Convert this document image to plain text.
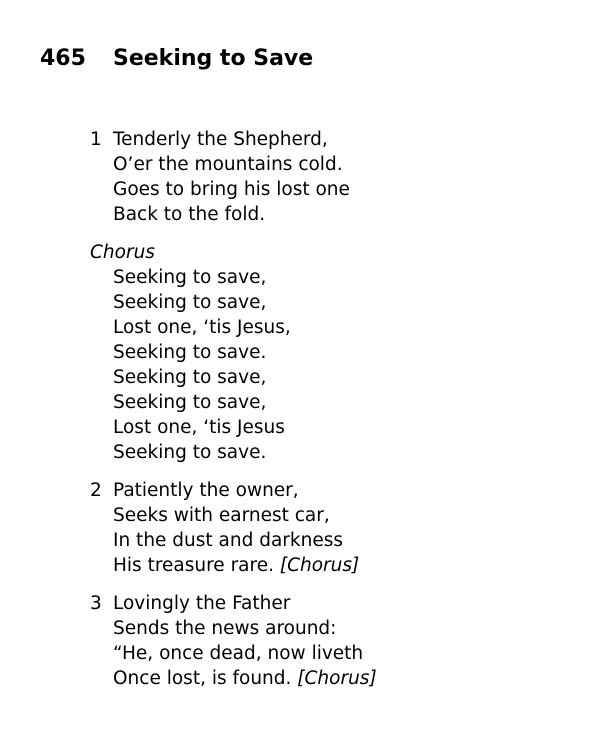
465 Seeking to Save
1 Tenderly the Shepherd,
O’er the mountains cold.
Goes to bring his lost one
Back to the fold.
Chorus
Seeking to save,
Seeking to save,
Lost one, ‘tis Jesus,
Seeking to save.
Seeking to save,
Seeking to save,
Lost one, ‘tis Jesus
Seeking to save.
2 Patiently the owner,
Seeks with earnest car,
In the dust and darkness
His treasure rare. [Chorus]
3 Lovingly the Father
Sends the news around:
“He, once dead, now liveth
Once lost, is found. [Chorus]
